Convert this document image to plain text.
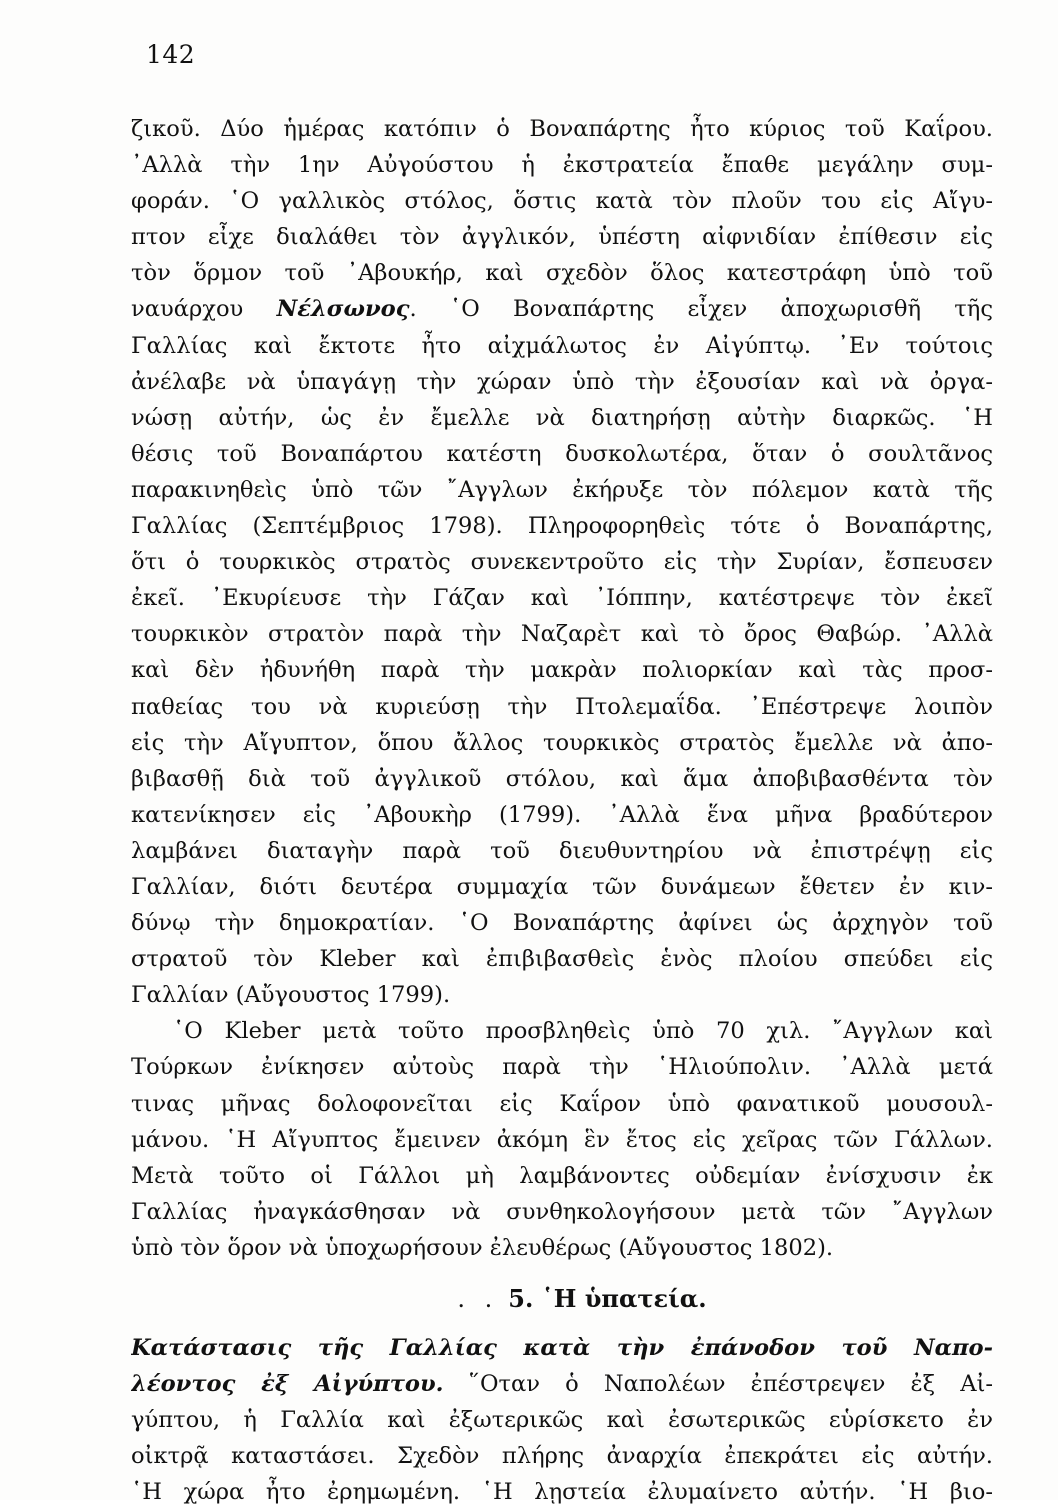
142
ζικοῦ. Δύο ἡμέρας κατόπιν ὁ Βοναπάρτης ἦτο κύριος τοῦ Καΐρου.
᾿Αλλὰ τὴν 1ην Αὐγούστου ἡ ἐκστρατεία ἔπαθε μεγάλην συμ-
φοράν. ῾Ο γαλλικὸς στόλος, ὅστις κατὰ τὸν πλοῦν του εἰς Αἴγυ-
πτον εἶχε διαλάθει τὸν ἀγγλικόν, ὑπέστη αἰφνιδίαν ἐπίθεσιν εἰς
τὸν ὅρμον τοῦ ᾿Αβουκήρ, καὶ σχεδὸν ὅλος κατεστράφη ὑπὸ τοῦ
ναυάρχου Νέλσωνος. ῾Ο Βοναπάρτης εἶχεν ἀποχωρισθῆ τῆς
Γαλλίας καὶ ἔκτοτε ἦτο αἰχμάλωτος ἐν Αἰγύπτῳ. ᾿Εν τούτοις
ἀνέλαβε νὰ ὑπαγάγῃ τὴν χώραν ὑπὸ τὴν ἐξουσίαν καὶ νὰ ὀργα-
νώσῃ αὐτήν, ὡς ἐν ἔμελλε νὰ διατηρήσῃ αὐτὴν διαρκῶς. ῾Η
θέσις τοῦ Βοναπάρτου κατέστη δυσκολωτέρα, ὅταν ὁ σουλτᾶνος
παρακινηθεὶς ὑπὸ τῶν ῎Αγγλων ἐκήρυξε τὸν πόλεμον κατὰ τῆς
Γαλλίας (Σεπτέμβριος 1798). Πληροφορηθεὶς τότε ὁ Βοναπάρτης,
ὅτι ὁ τουρκικὸς στρατὸς συνεκεντροῦτο εἰς τὴν Συρίαν, ἔσπευσεν
ἐκεῖ. ᾿Εκυρίευσε τὴν Γάζαν καὶ ᾿Ιόππην, κατέστρεψε τὸν ἐκεῖ
τουρκικὸν στρατὸν παρὰ τὴν Ναζαρὲτ καὶ τὸ ὄρος Θαβώρ. ᾿Αλλὰ
καὶ δὲν ἠδυνήθη παρὰ τὴν μακρὰν πολιορκίαν καὶ τὰς προσ-
παθείας του νὰ κυριεύσῃ τὴν Πτολεμαΐδα. ᾿Επέστρεψε λοιπὸν
εἰς τὴν Αἴγυπτον, ὅπου ἄλλος τουρκικὸς στρατὸς ἔμελλε νὰ ἀπο-
βιβασθῇ διὰ τοῦ ἀγγλικοῦ στόλου, καὶ ἅμα ἀποβιβασθέντα τὸν
κατενίκησεν εἰς ᾿Αβουκὴρ (1799). ᾿Αλλὰ ἕνα μῆνα βραδύτερον
λαμβάνει διαταγὴν παρὰ τοῦ διευθυντηρίου νὰ ἐπιστρέψῃ εἰς
Γαλλίαν, διότι δευτέρα συμμαχία τῶν δυνάμεων ἔθετεν ἐν κιν-
δύνῳ τὴν δημοκρατίαν. ῾Ο Βοναπάρτης ἀφίνει ὡς ἀρχηγὸν τοῦ
στρατοῦ τὸν Kleber καὶ ἐπιβιβασθεὶς ἑνὸς πλοίου σπεύδει εἰς
Γαλλίαν (Αὔγουστος 1799).
῾Ο Kleber μετὰ τοῦτο προσβληθεὶς ὑπὸ 70 χιλ. ῎Αγγλων καὶ
Τούρκων ἐνίκησεν αὐτοὺς παρὰ τὴν ῾Ηλιούπολιν. ᾿Αλλὰ μετά
τινας μῆνας δολοφονεῖται εἰς Καΐρον ὑπὸ φανατικοῦ μουσουλ-
μάνου. ῾Η Αἴγυπτος ἔμεινεν ἀκόμη ἓν ἔτος εἰς χεῖρας τῶν Γάλλων.
Μετὰ τοῦτο οἱ Γάλλοι μὴ λαμβάνοντες οὐδεμίαν ἐνίσχυσιν ἐκ
Γαλλίας ἠναγκάσθησαν νὰ συνθηκολογήσουν μετὰ τῶν ῎Αγγλων
ὑπὸ τὸν ὅρον νὰ ὑποχωρήσουν ἐλευθέρως (Αὔγουστος 1802).
. . 5. ῾Η ὑπατεία.
Κατάστασις τῆς Γαλλίας κατὰ τὴν ἐπάνοδον τοῦ Ναπο-
λέοντος ἐξ Αἰγύπτου. ῞Οταν ὁ Ναπολέων ἐπέστρεψεν ἐξ Αἰ-
γύπτου, ἡ Γαλλία καὶ ἐξωτερικῶς καὶ ἐσωτερικῶς εὑρίσκετο ἐν
οἰκτρᾷ καταστάσει. Σχεδὸν πλήρης ἀναρχία ἐπεκράτει εἰς αὐτήν.
῾Η χώρα ἦτο ἐρημωμένη. ῾Η λῃστεία ἐλυμαίνετο αὐτήν. ῾Η βιο-
